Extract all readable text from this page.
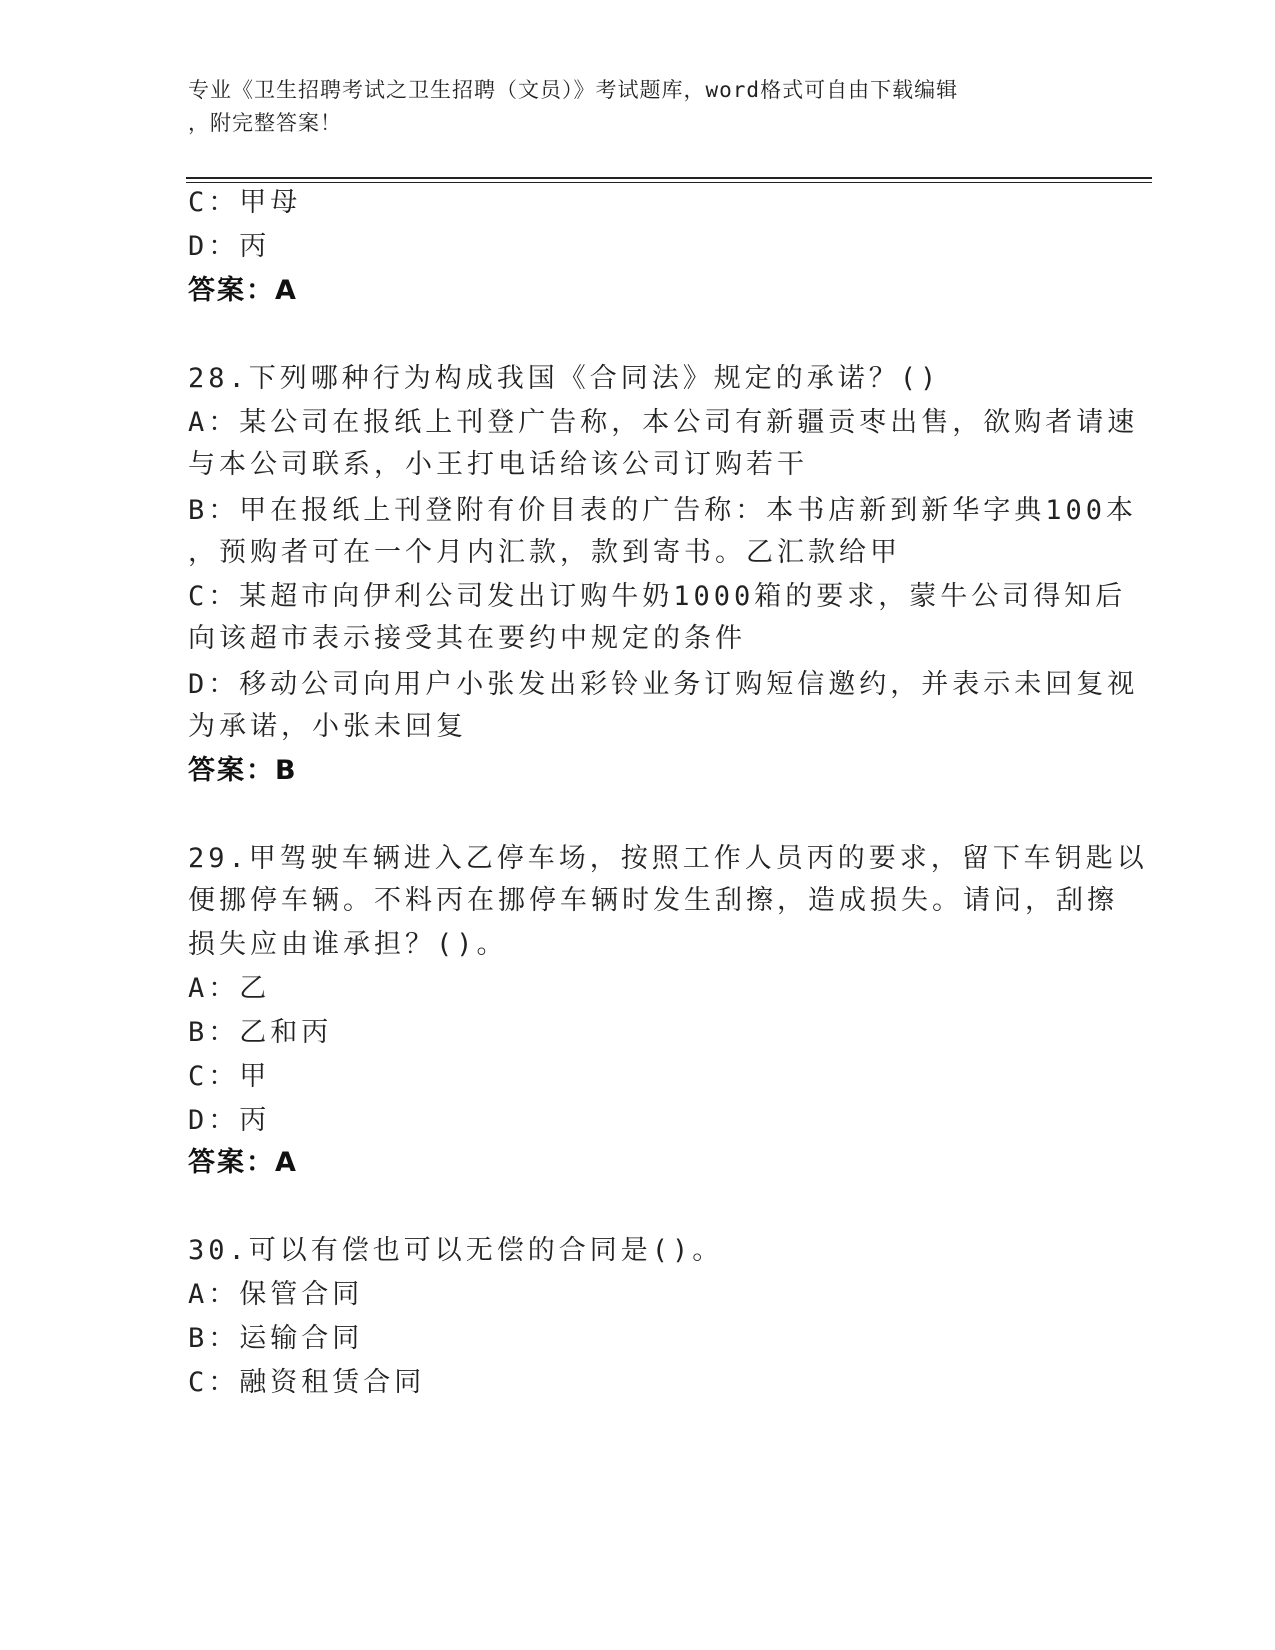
专业《卫生招聘考试之卫生招聘（文员）》考试题库，word格式可自由下载编辑
，附完整答案！
C：甲母
D：丙
答案：A
28.下列哪种行为构成我国《合同法》规定的承诺？()
A：某公司在报纸上刊登广告称，本公司有新疆贡枣出售，欲购者请速
与本公司联系，小王打电话给该公司订购若干
B：甲在报纸上刊登附有价目表的广告称：本书店新到新华字典100本
，预购者可在一个月内汇款，款到寄书。乙汇款给甲
C：某超市向伊利公司发出订购牛奶1000箱的要求，蒙牛公司得知后
向该超市表示接受其在要约中规定的条件
D：移动公司向用户小张发出彩铃业务订购短信邀约，并表示未回复视
为承诺，小张未回复
答案：B
29.甲驾驶车辆进入乙停车场，按照工作人员丙的要求，留下车钥匙以
便挪停车辆。不料丙在挪停车辆时发生刮擦，造成损失。请问，刮擦
损失应由谁承担？()。
A：乙
B：乙和丙
C：甲
D：丙
答案：A
30.可以有偿也可以无偿的合同是()。
A：保管合同
B：运输合同
C：融资租赁合同
